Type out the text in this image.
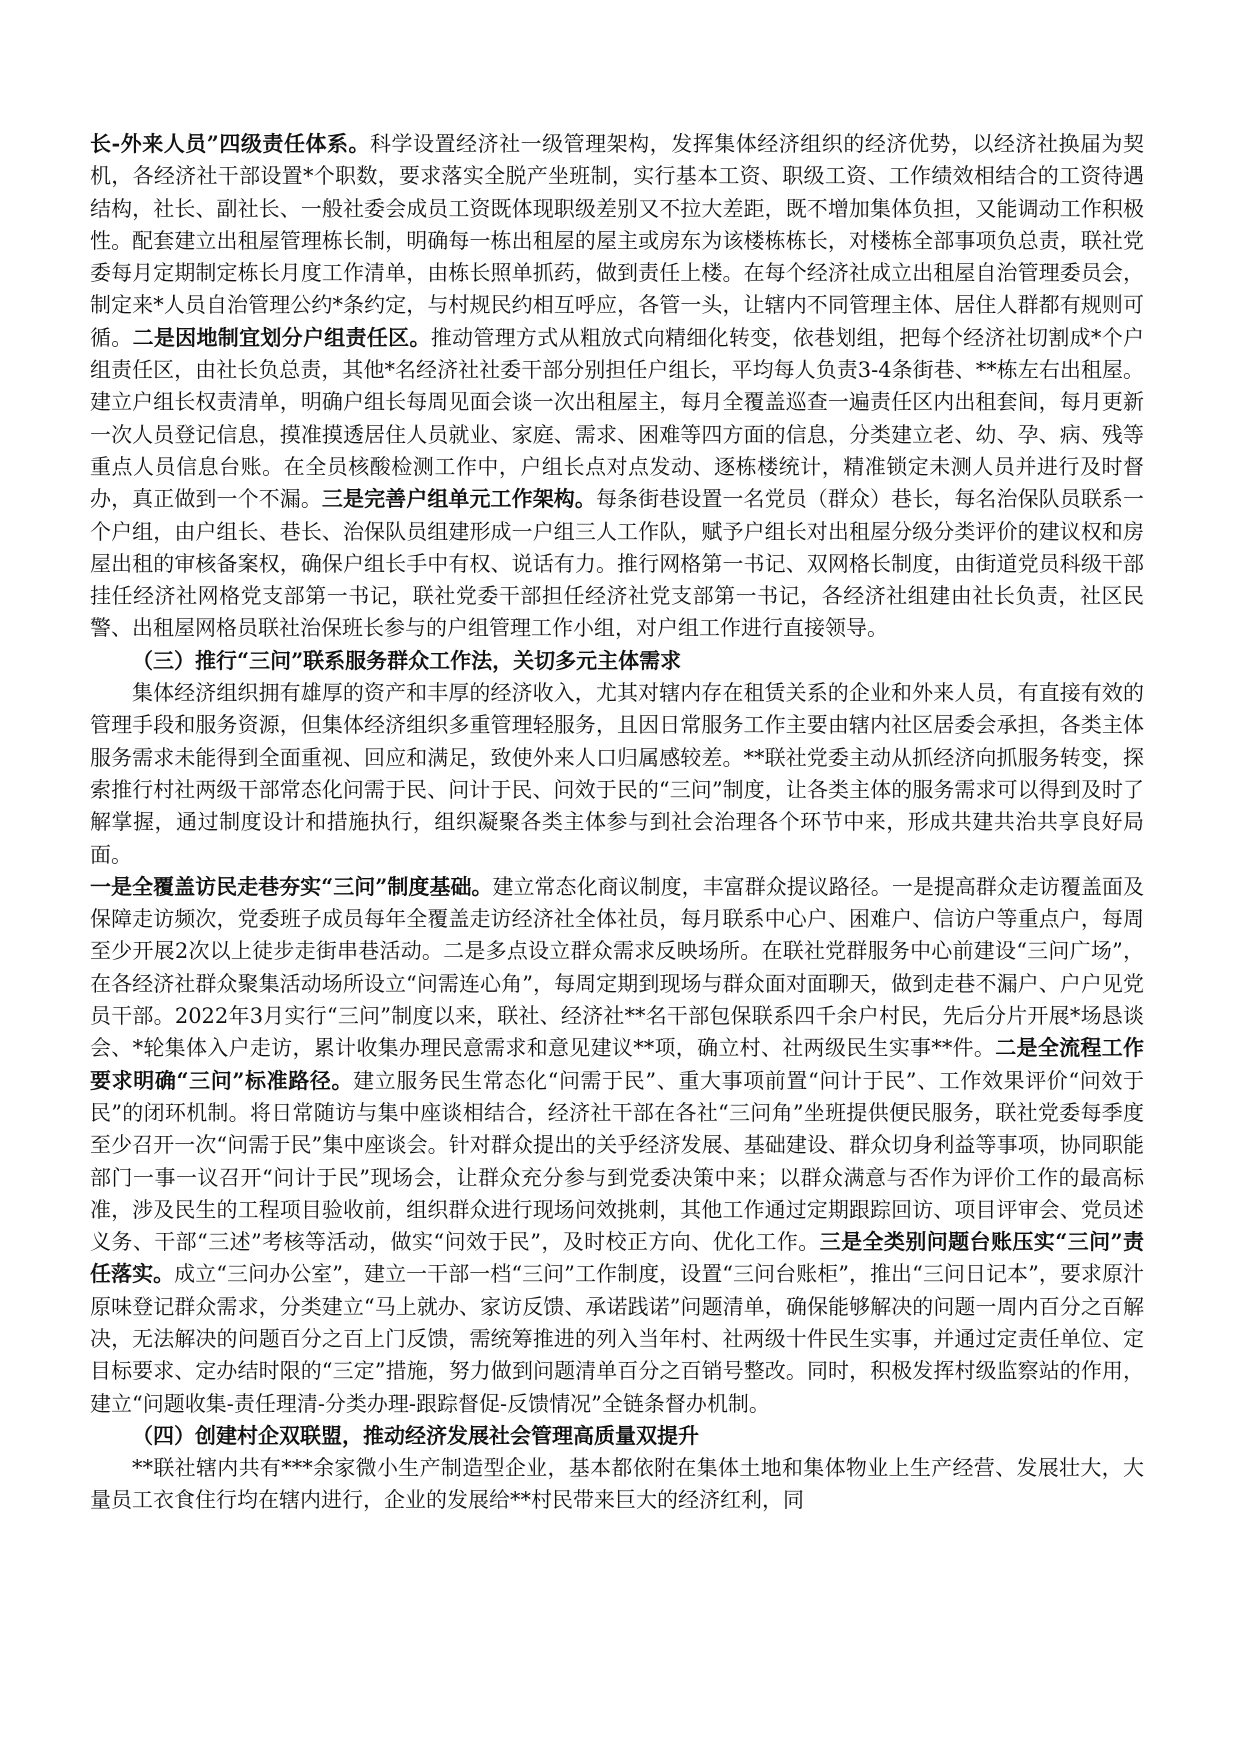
长-外来人员”四级责任体系。科学设置经济社一级管理架构，发挥集体经济组织的经济优势，以经济社换届为契机，各经济社干部设置*个职数，要求落实全脱产坐班制，实行基本工资、职级工资、工作绩效相结合的工资待遇结构，社长、副社长、一般社委会成员工资既体现职级差别又不拉大差距，既不增加集体负担，又能调动工作积极性。配套建立出租屋管理栋长制，明确每一栋出租屋的屋主或房东为该楼栋栋长，对楼栋全部事项负总责，联社党委每月定期制定栋长月度工作清单，由栋长照单抓药，做到责任上楼。在每个经济社成立出租屋自治管理委员会，制定来*人员自治管理公约*条约定，与村规民约相互呼应，各管一头，让辖内不同管理主体、居住人群都有规则可循。二是因地制宜划分户组责任区。推动管理方式从粗放式向精细化转变，依巷划组，把每个经济社切割成*个户组责任区，由社长负总责，其他*名经济社社委干部分别担任户组长，平均每人负责3-4条街巷、**栋左右出租屋。建立户组长权责清单，明确户组长每周见面会谈一次出租屋主，每月全覆盖巡查一遍责任区内出租套间，每月更新一次人员登记信息，摸准摸透居住人员就业、家庭、需求、困难等四方面的信息，分类建立老、幼、孕、病、残等重点人员信息台账。在全员核酸检测工作中，户组长点对点发动、逐栋楼统计，精准锁定未测人员并进行及时督办，真正做到一个不漏。三是完善户组单元工作架构。每条街巷设置一名党员（群众）巷长，每名治保队员联系一个户组，由户组长、巷长、治保队员组建形成一户组三人工作队，赋予户组长对出租屋分级分类评价的建议权和房屋出租的审核备案权，确保户组长手中有权、说话有力。推行网格第一书记、双网格长制度，由街道党员科级干部挂任经济社网格党支部第一书记，联社党委干部担任经济社党支部第一书记，各经济社组建由社长负责，社区民警、出租屋网格员联社治保班长参与的户组管理工作小组，对户组工作进行直接领导。

（三）推行“三问”联系服务群众工作法，关切多元主体需求

集体经济组织拥有雄厚的资产和丰厚的经济收入，尤其对辖内存在租赁关系的企业和外来人员，有直接有效的管理手段和服务资源，但集体经济组织多重管理轻服务，且因日常服务工作主要由辖内社区居委会承担，各类主体服务需求未能得到全面重视、回应和满足，致使外来人口归属感较差。**联社党委主动从抓经济向抓服务转变，探索推行村社两级干部常态化问需于民、问计于民、问效于民的“三问”制度，让各类主体的服务需求可以得到及时了解掌握，通过制度设计和措施执行，组织凝聚各类主体参与到社会治理各个环节中来，形成共建共治共享良好局面。

一是全覆盖访民走巷夯实“三问”制度基础。建立常态化商议制度，丰富群众提议路径。一是提高群众走访覆盖面及保障走访频次，党委班子成员每年全覆盖走访经济社全体社员，每月联系中心户、困难户、信访户等重点户，每周至少开展2次以上徒步走街串巷活动。二是多点设立群众需求反映场所。在联社党群服务中心前建设“三问广场”，在各经济社群众聚集活动场所设立“问需连心角”，每周定期到现场与群众面对面聊天，做到走巷不漏户、户户见党员干部。2022年3月实行“三问”制度以来，联社、经济社**名干部包保联系四千余户村民，先后分片开展*场恳谈会、*轮集体入户走访，累计收集办理民意需求和意见建议**项，确立村、社两级民生实事**件。二是全流程工作要求明确“三问”标准路径。建立服务民生常态化“问需于民”、重大事项前置“问计于民”、工作效果评价“问效于民”的闭环机制。将日常随访与集中座谈相结合，经济社干部在各社“三问角”坐班提供便民服务，联社党委每季度至少召开一次“问需于民”集中座谈会。针对群众提出的关乎经济发展、基础建设、群众切身利益等事项，协同职能部门一事一议召开“问计于民”现场会，让群众充分参与到党委决策中来；以群众满意与否作为评价工作的最高标准，涉及民生的工程项目验收前，组织群众进行现场问效挑刺，其他工作通过定期跟踪回访、项目评审会、党员述义务、干部“三述”考核等活动，做实“问效于民”，及时校正方向、优化工作。三是全类别问题台账压实“三问”责任落实。成立“三问办公室”，建立一干部一档“三问”工作制度，设置“三问台账柜”，推出“三问日记本”，要求原汁原味登记群众需求，分类建立“马上就办、家访反馈、承诺践诺”问题清单，确保能够解决的问题一周内百分之百解决，无法解决的问题百分之百上门反馈，需统筹推进的列入当年村、社两级十件民生实事，并通过定责任单位、定目标要求、定办结时限的“三定”措施，努力做到问题清单百分之百销号整改。同时，积极发挥村级监察站的作用，建立“问题收集-责任理清-分类办理-跟踪督促-反馈情况”全链条督办机制。

（四）创建村企双联盟，推动经济发展社会管理高质量双提升

**联社辖内共有***余家微小生产制造型企业，基本都依附在集体土地和集体物业上生产经营、发展壮大，大量员工衣食住行均在辖内进行，企业的发展给**村民带来巨大的经济红利，同
